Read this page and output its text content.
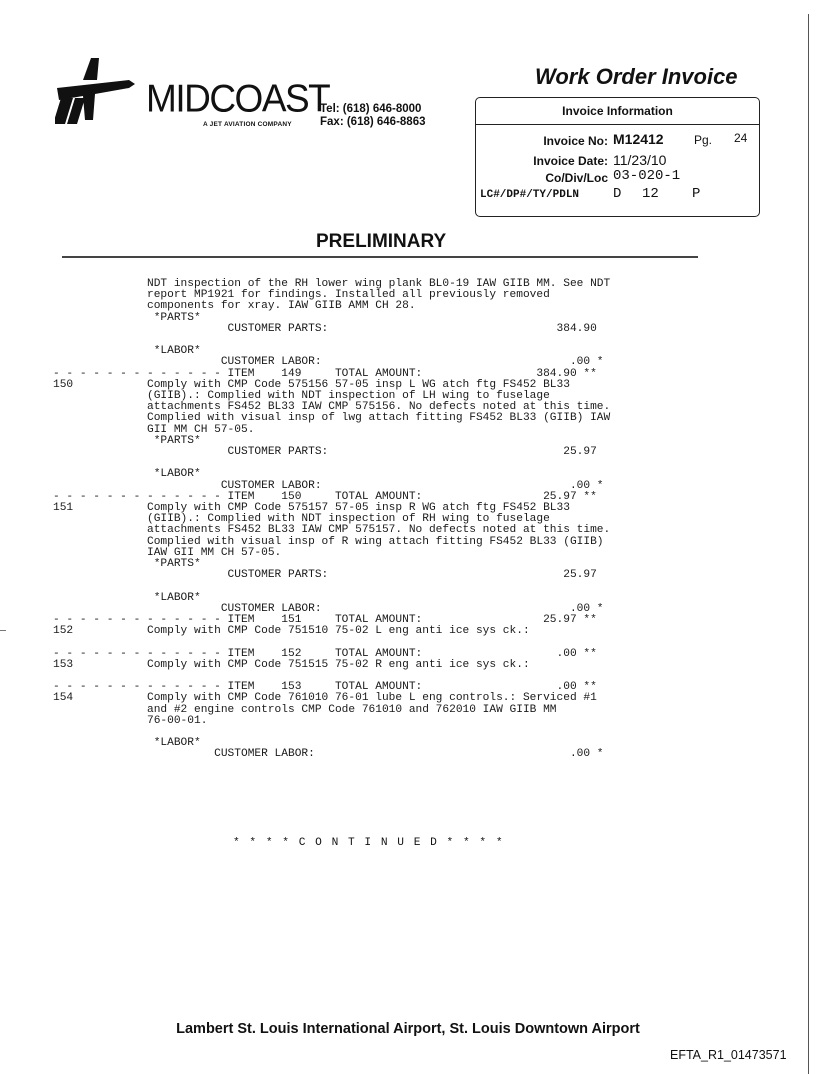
MIDCOAST
A JET AVIATION COMPANY
Tel: (618) 646-8000
Fax: (618) 646-8863
Work Order Invoice
Invoice Information
Invoice No: M12412	Pg. 24
Invoice Date: 11/23/10
Co/Div/Loc 03-020-1
LC#/DP#/TY/PDLN D 12 P
PRELIMINARY
NDT inspection of the RH lower wing plank BL0-19 IAW GIIB MM. See NDT
report MP1921 for findings. Installed all previously removed
components for xray. IAW GIIB AMM CH 28.
*PARTS*
CUSTOMER PARTS:                                  384.90
*LABOR*
CUSTOMER LABOR:                                     .00 *
- - - - - - - - - - - - - ITEM    149     TOTAL AMOUNT:                 384.90 **
150           Comply with CMP Code 575156 57-05 insp L WG atch ftg FS452 BL33
(GIIB).: Complied with NDT inspection of LH wing to fuselage
attachments FS452 BL33 IAW CMP 575156. No defects noted at this time.
Complied with visual insp of lwg attach fitting FS452 BL33 (GIIB) IAW
GII MM CH 57-05.
*PARTS*
CUSTOMER PARTS:                                   25.97
*LABOR*
CUSTOMER LABOR:                                     .00 *
- - - - - - - - - - - - - ITEM    150     TOTAL AMOUNT:                  25.97 **
151           Comply with CMP Code 575157 57-05 insp R WG atch ftg FS452 BL33
(GIIB).: Complied with NDT inspection of RH wing to fuselage
attachments FS452 BL33 IAW CMP 575157. No defects noted at this time.
Complied with visual insp of R wing attach fitting FS452 BL33 (GIIB)
IAW GII MM CH 57-05.
*PARTS*
CUSTOMER PARTS:                                   25.97
*LABOR*
CUSTOMER LABOR:                                     .00 *
- - - - - - - - - - - - - ITEM    151     TOTAL AMOUNT:                  25.97 **
152           Comply with CMP Code 751510 75-02 L eng anti ice sys ck.:
- - - - - - - - - - - - - ITEM    152     TOTAL AMOUNT:                    .00 **
153           Comply with CMP Code 751515 75-02 R eng anti ice sys ck.:
- - - - - - - - - - - - - ITEM    153     TOTAL AMOUNT:                    .00 **
154           Comply with CMP Code 761010 76-01 lube L eng controls.: Serviced #1
and #2 engine controls CMP Code 761010 and 762010 IAW GIIB MM
76-00-01.
*LABOR*
CUSTOMER LABOR:                                      .00 *
* * * * C O N T I N U E D * * * *
Lambert St. Louis International Airport, St. Louis Downtown Airport
EFTA_R1_01473571
